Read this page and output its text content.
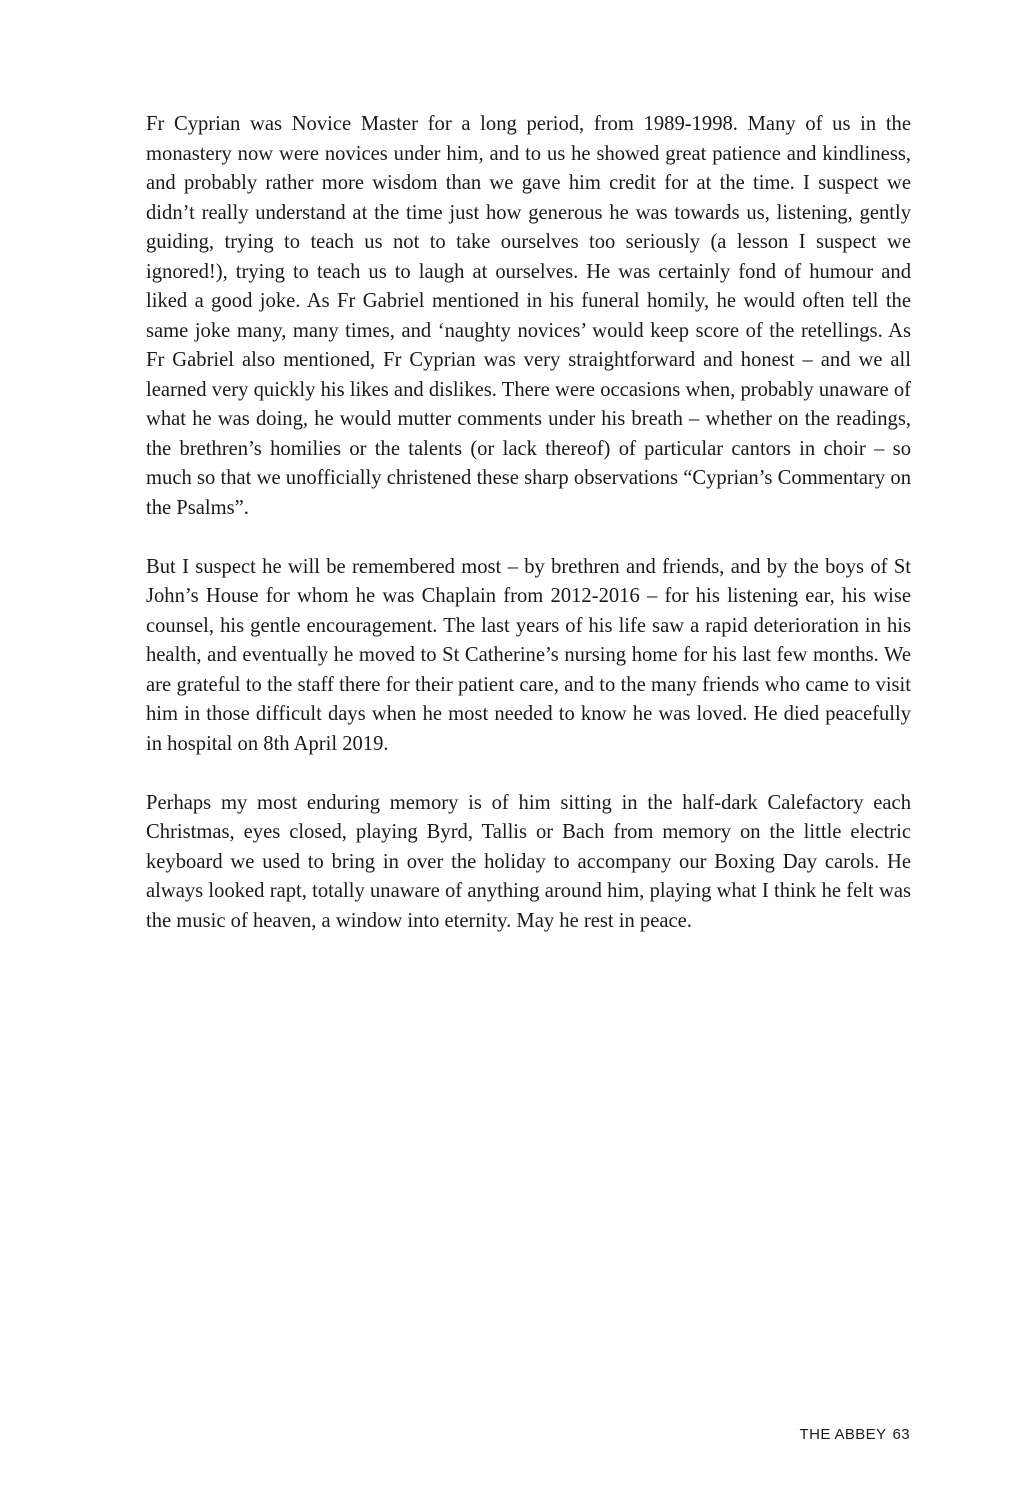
Fr Cyprian was Novice Master for a long period, from 1989-1998. Many of us in the monastery now were novices under him, and to us he showed great patience and kindliness, and probably rather more wisdom than we gave him credit for at the time. I suspect we didn’t really understand at the time just how generous he was towards us, listening, gently guiding, trying to teach us not to take ourselves too seriously (a lesson I suspect we ignored!), trying to teach us to laugh at ourselves. He was certainly fond of humour and liked a good joke. As Fr Gabriel mentioned in his funeral homily, he would often tell the same joke many, many times, and ‘naughty novices’ would keep score of the retellings. As Fr Gabriel also mentioned, Fr Cyprian was very straightforward and honest – and we all learned very quickly his likes and dislikes. There were occasions when, probably unaware of what he was doing, he would mutter comments under his breath – whether on the readings, the brethren’s homilies or the talents (or lack thereof) of particular cantors in choir – so much so that we unofficially christened these sharp observations “Cyprian’s Commentary on the Psalms”.

But I suspect he will be remembered most – by brethren and friends, and by the boys of St John’s House for whom he was Chaplain from 2012-2016 – for his listening ear, his wise counsel, his gentle encouragement. The last years of his life saw a rapid deterioration in his health, and eventually he moved to St Catherine’s nursing home for his last few months. We are grateful to the staff there for their patient care, and to the many friends who came to visit him in those difficult days when he most needed to know he was loved. He died peacefully in hospital on 8th April 2019.

Perhaps my most enduring memory is of him sitting in the half-dark Calefactory each Christmas, eyes closed, playing Byrd, Tallis or Bach from memory on the little electric keyboard we used to bring in over the holiday to accompany our Boxing Day carols. He always looked rapt, totally unaware of anything around him, playing what I think he felt was the music of heaven, a window into eternity. May he rest in peace.

THE ABBEY 63
